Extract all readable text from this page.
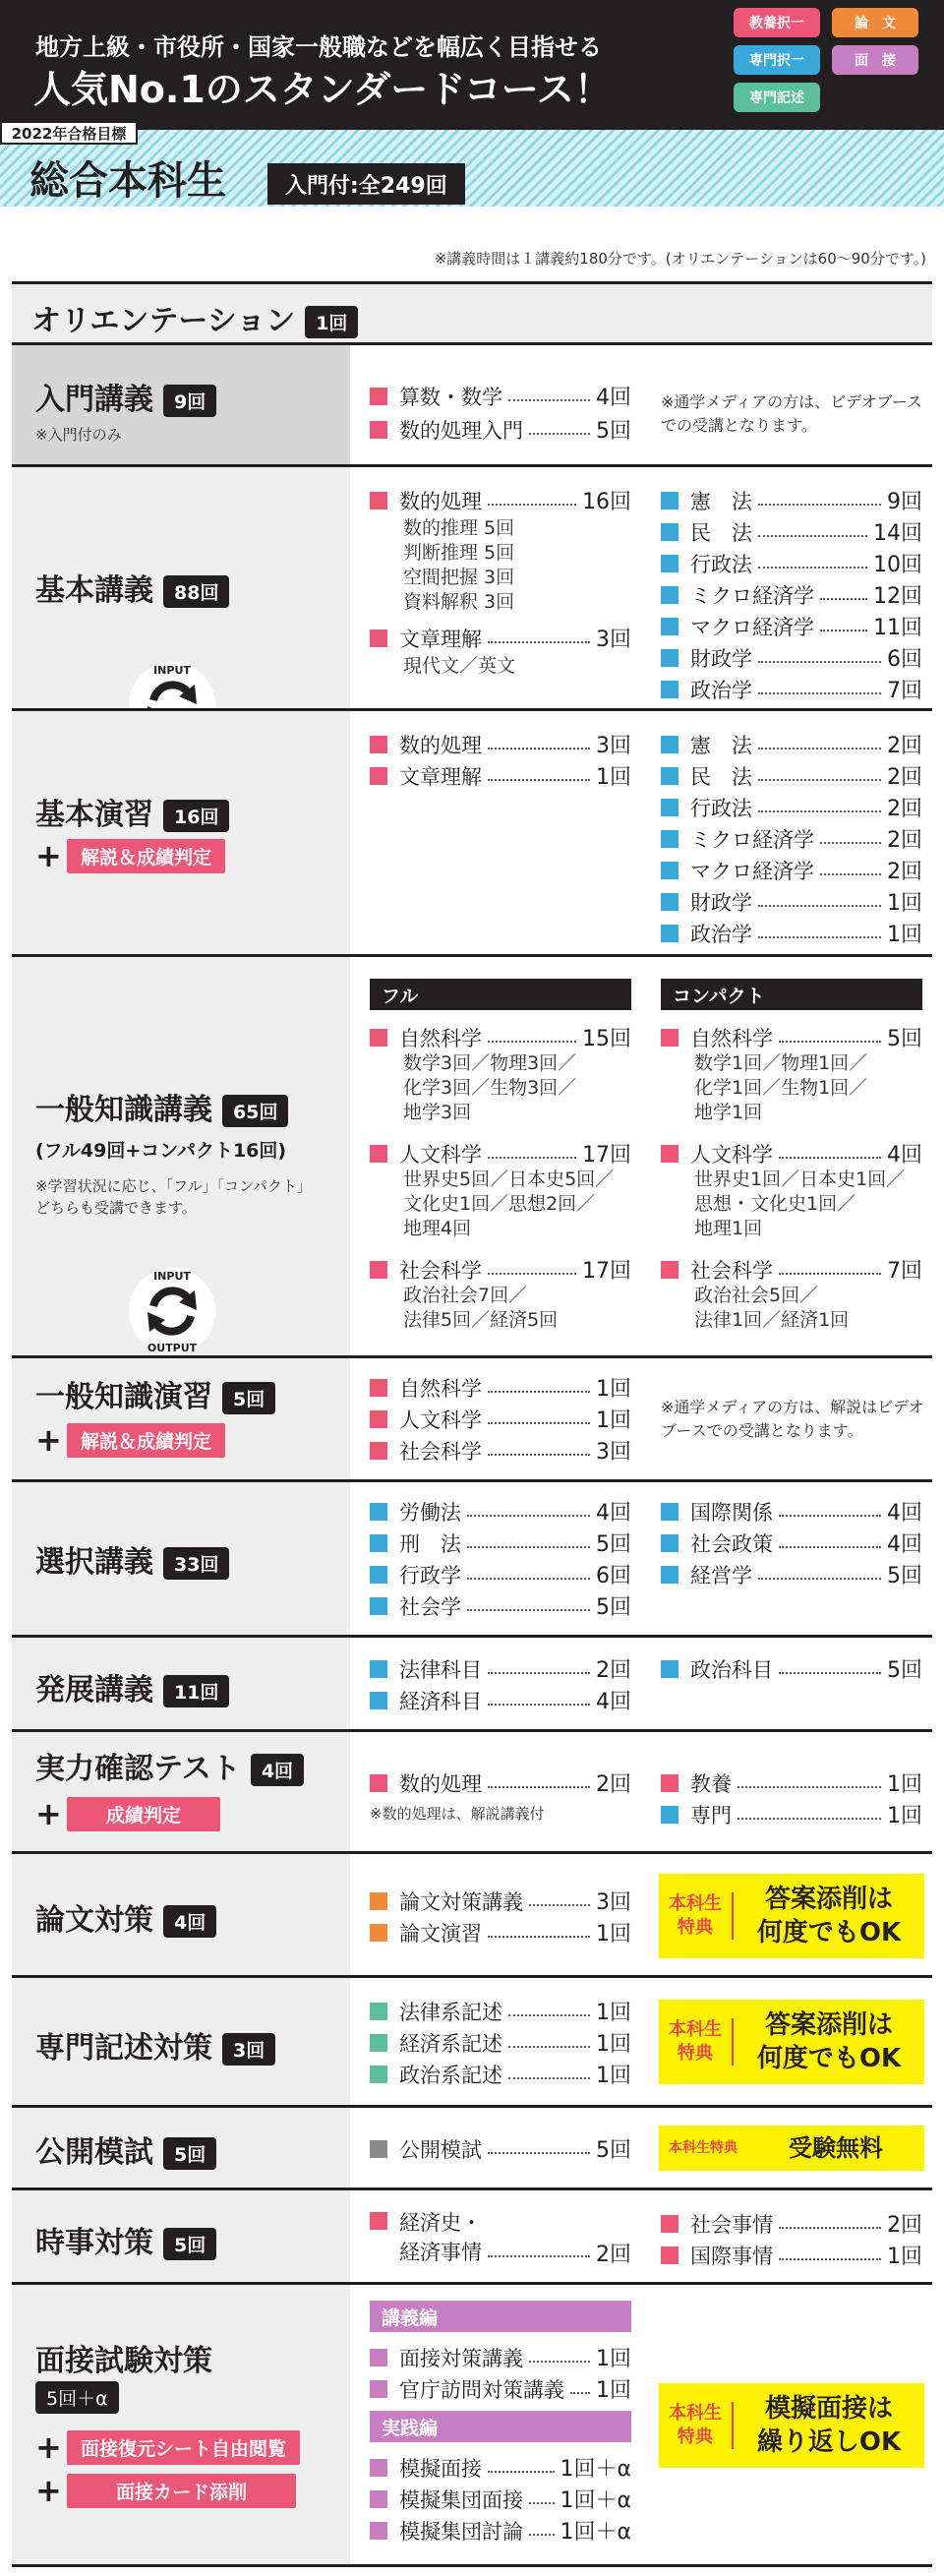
地方上級・市役所・国家一般職などを幅広く目指せる
人気No.1のスタンダードコース！
教養択一	論　文
専門択一	面　接
専門記述
2022年合格目標
総合本科生	入門付:全249回
※講義時間は１講義約180分です。(オリエンテーションは60～90分です。)
オリエンテーション 1回
入門講義 9回
※入門付のみ
算数・数学	4回
数的処理入門	5回
※通学メディアの方は、ビデオブースでの受講となります。
基本講義 88回
数的処理	16回
数的推理 5回
判断推理 5回
空間把握 3回
資料解釈 3回
文章理解	3回
現代文／英文
憲　法	9回
民　法	14回
行政法	10回
ミクロ経済学	12回
マクロ経済学	11回
財政学	6回
政治学	7回
INPUT
基本演習 16回
+	解説＆成績判定
数的処理	3回
文章理解	1回
憲　法	2回
民　法	2回
行政法	2回
ミクロ経済学	2回
マクロ経済学	2回
財政学	1回
政治学	1回
一般知識講義 65回
(フル49回+コンパクト16回)
※学習状況に応じ、「フル」「コンパクト」
どちらも受講できます。
フル	コンパクト
自然科学	15回
数学3回／物理3回／
化学3回／生物3回／
地学3回
人文科学	17回
世界史5回／日本史5回／
文化史1回／思想2回／
地理4回
社会科学	17回
政治社会7回／
法律5回／経済5回
自然科学	5回
数学1回／物理1回／
化学1回／生物1回／
地学1回
人文科学	4回
世界史1回／日本史1回／
思想・文化史1回／
地理1回
社会科学	7回
政治社会5回／
法律1回／経済1回
INPUT
OUTPUT
一般知識演習 5回
+	解説＆成績判定
自然科学	1回
人文科学	1回
社会科学	3回
※通学メディアの方は、解説はビデオブースでの受講となります。
選択講義 33回
労働法	4回
刑　法	5回
行政学	6回
社会学	5回
国際関係	4回
社会政策	4回
経営学	5回
発展講義 11回
法律科目	2回
経済科目	4回
政治科目	5回
実力確認テスト 4回
+	成績判定
数的処理	2回
※数的処理は、解説講義付
教養	1回
専門	1回
論文対策 4回
論文対策講義	3回
論文演習	1回
本科生
特典
答案添削は
何度でもOK
専門記述対策 3回
法律系記述	1回
経済系記述	1回
政治系記述	1回
本科生
特典
答案添削は
何度でもOK
公開模試 5回	公開模試	5回	本科生特典	受験無料
時事対策 5回
経済史・
経済事情	2回
社会事情	2回
国際事情	1回
面接試験対策
5回＋α
+	面接復元シート自由閲覧
+	面接カード添削
講義編
面接対策講義	1回
官庁訪問対策講義 1回
実践編
模擬面接	1回＋α
模擬集団面接 1回＋α
模擬集団討論 1回＋α
本科生
特典
模擬面接は
繰り返しOK
